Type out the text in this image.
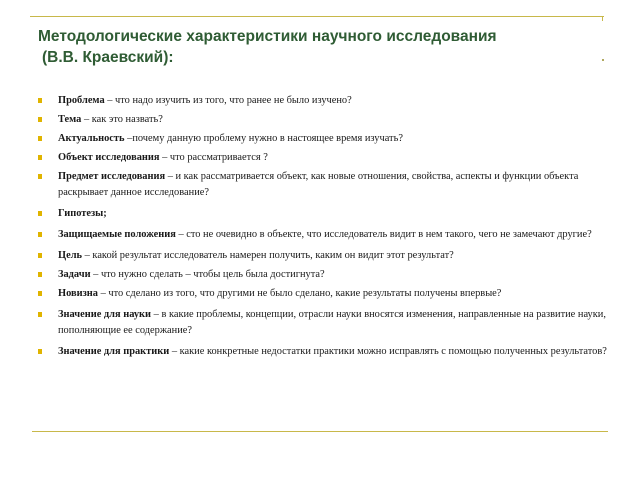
Методологические характеристики научного исследования
(В.В. Краевский):
Проблема – что надо изучить из того, что ранее не было изучено?
Тема – как это назвать?
Актуальность –почему данную проблему нужно в настоящее время изучать?
Объект исследования – что рассматривается ?
Предмет исследования – и как рассматривается объект, как новые отношения, свойства, аспекты и функции объекта раскрывает данное исследование?
Гипотезы;
Защищаемые положения – сто не очевидно в объекте, что исследователь видит в нем такого, чего не замечают другие?
Цель – какой результат исследователь намерен получить, каким он видит этот результат?
Задачи – что нужно сделать – чтобы цель была достигнута?
Новизна – что сделано из того, что другими не было сделано, какие результаты получены впервые?
Значение для науки – в какие проблемы, концепции, отрасли науки вносятся изменения, направленные на развитие науки, пополняющие ее содержание?
Значение для практики – какие конкретные недостатки практики можно исправлять с помощью полученных результатов?
